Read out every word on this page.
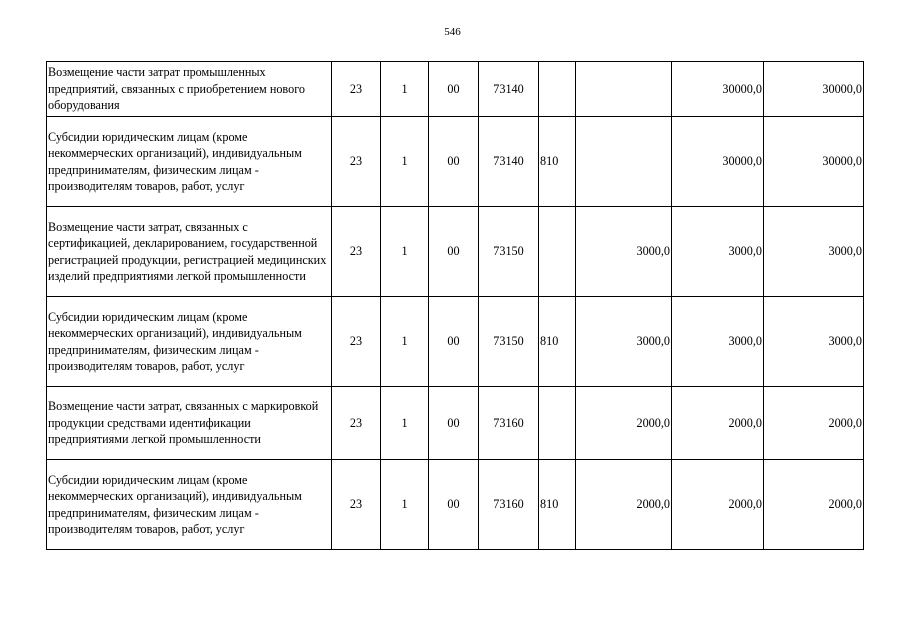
546
Возмещение части затрат промышленных предприятий, связанных с приобретением нового оборудования	23	1	00	73140			30000,0	30000,0
Субсидии юридическим лицам (кроме некоммерческих организаций), индивидуальным предпринимателям, физическим лицам - производителям товаров, работ, услуг	23	1	00	73140	810		30000,0	30000,0
Возмещение части затрат, связанных с сертификацией, декларированием, государственной регистрацией продукции, регистрацией медицинских изделий предприятиями легкой промышленности	23	1	00	73150		3000,0	3000,0	3000,0
Субсидии юридическим лицам (кроме некоммерческих организаций), индивидуальным предпринимателям, физическим лицам - производителям товаров, работ, услуг	23	1	00	73150	810	3000,0	3000,0	3000,0
Возмещение части затрат, связанных с маркировкой продукции средствами идентификации предприятиями легкой промышленности	23	1	00	73160		2000,0	2000,0	2000,0
Субсидии юридическим лицам (кроме некоммерческих организаций), индивидуальным предпринимателям, физическим лицам - производителям товаров, работ, услуг	23	1	00	73160	810	2000,0	2000,0	2000,0
